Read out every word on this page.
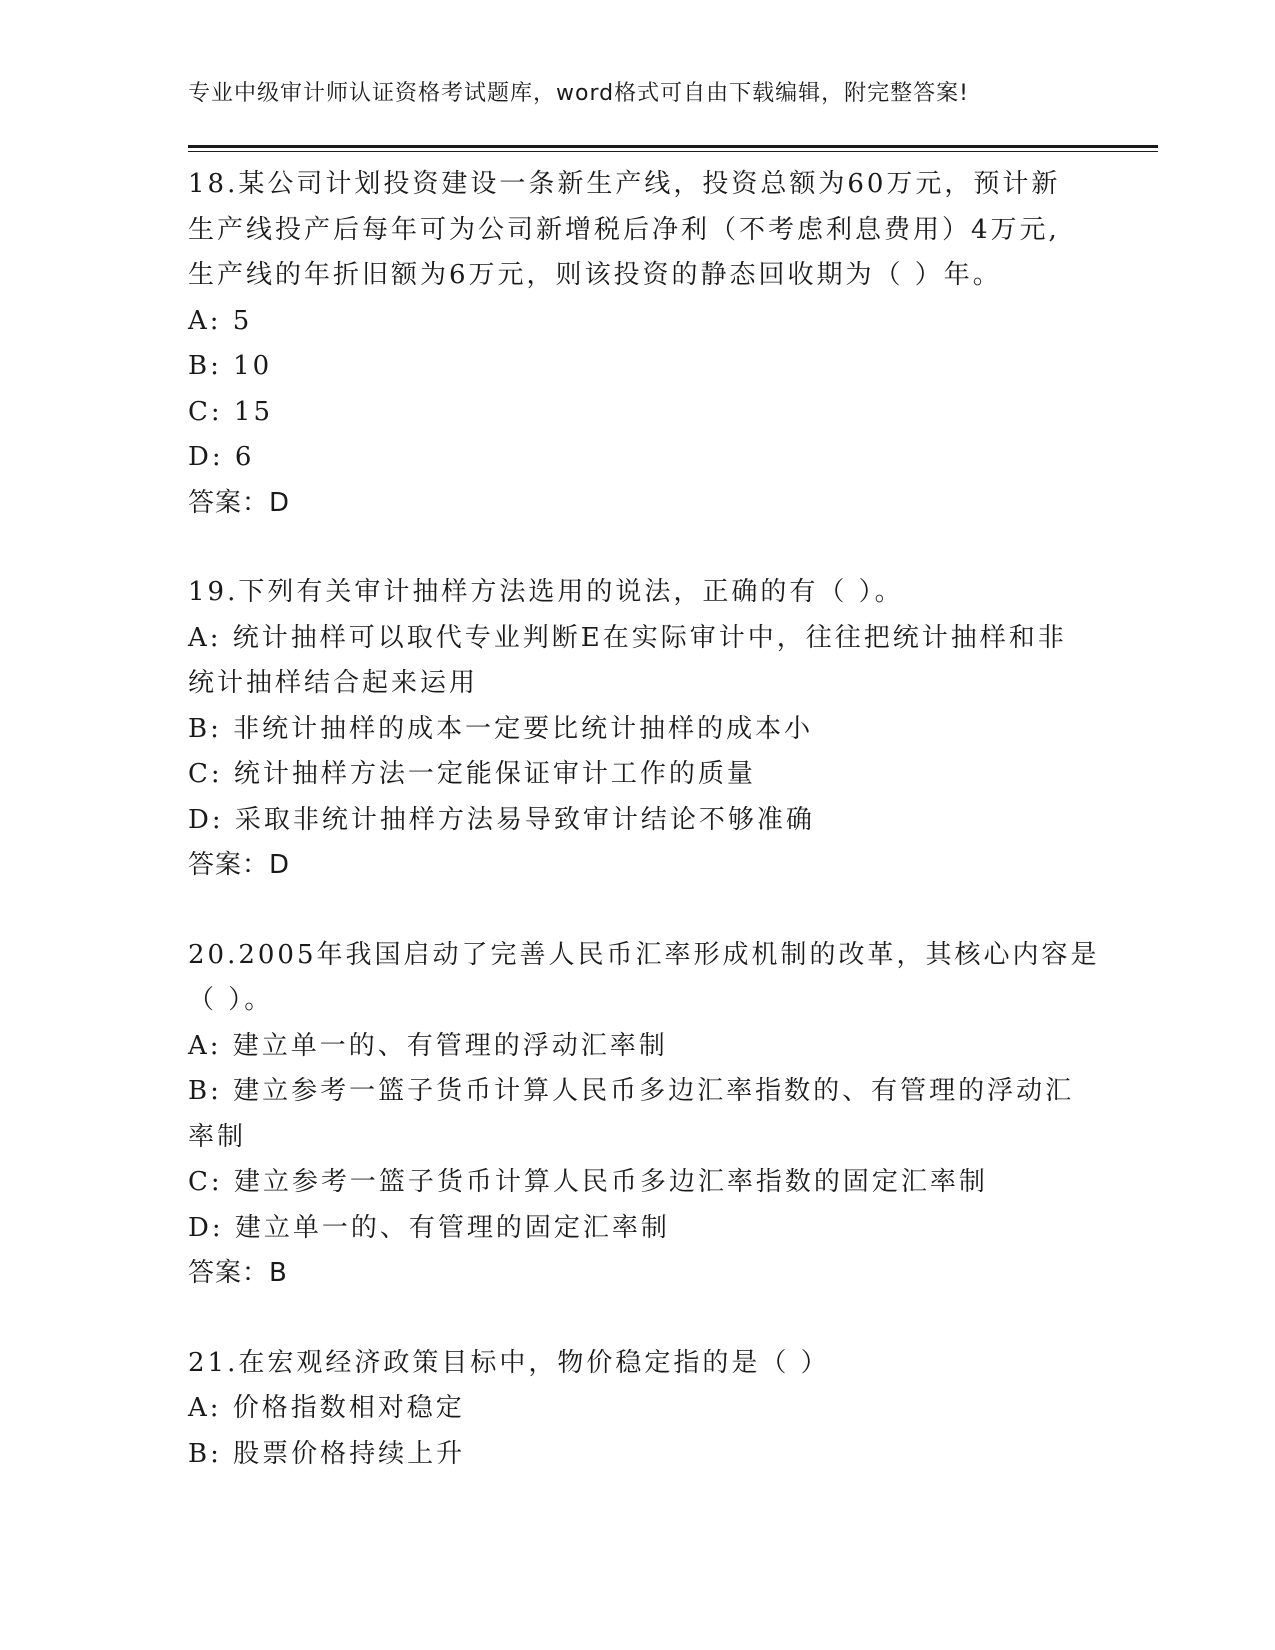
专业中级审计师认证资格考试题库，word格式可自由下载编辑，附完整答案!
18.某公司计划投资建设一条新生产线，投资总额为60万元，预计新
生产线投产后每年可为公司新增税后净利（不考虑利息费用）4万元,
生产线的年折旧额为6万元，则该投资的静态回收期为（ ）年。
A: 5
B: 10
C: 15
D: 6
答案：D
19.下列有关审计抽样方法选用的说法，正确的有（ ）。
A: 统计抽样可以取代专业判断E在实际审计中，往往把统计抽样和非
统计抽样结合起来运用
B: 非统计抽样的成本一定要比统计抽样的成本小
C: 统计抽样方法一定能保证审计工作的质量
D: 采取非统计抽样方法易导致审计结论不够准确
答案：D
20.2005年我国启动了完善人民币汇率形成机制的改革，其核心内容是
（ ）。
A: 建立单一的、有管理的浮动汇率制
B: 建立参考一篮子货币计算人民币多边汇率指数的、有管理的浮动汇
率制
C: 建立参考一篮子货币计算人民币多边汇率指数的固定汇率制
D: 建立单一的、有管理的固定汇率制
答案：B
21.在宏观经济政策目标中，物价稳定指的是（ ）
A: 价格指数相对稳定
B: 股票价格持续上升
